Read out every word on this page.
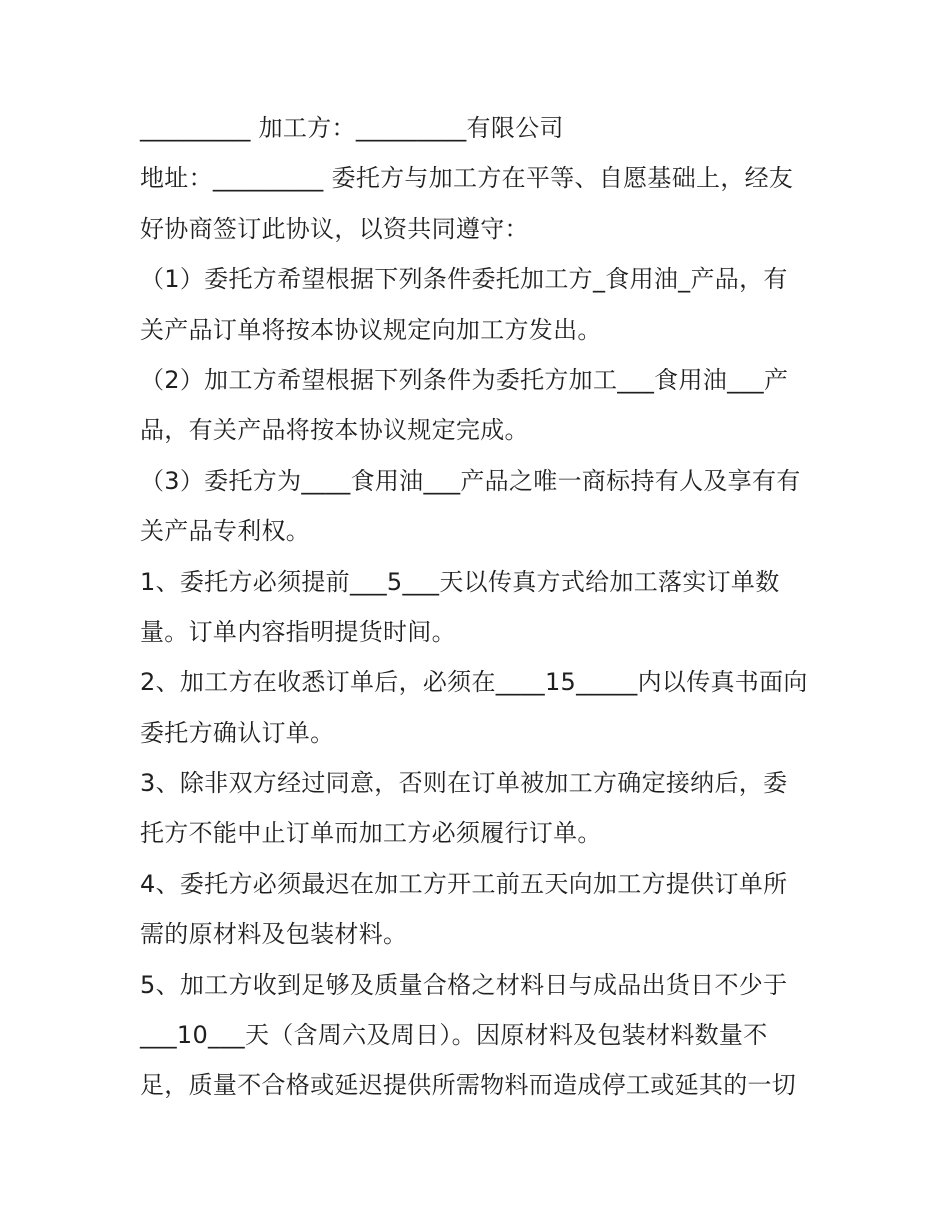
_________ 加工方：_________有限公司
地址：_________ 委托方与加工方在平等、自愿基础上，经友
好协商签订此协议，以资共同遵守：
（1）委托方希望根据下列条件委托加工方_食用油_产品，有
关产品订单将按本协议规定向加工方发出。
（2）加工方希望根据下列条件为委托方加工___食用油___产
品，有关产品将按本协议规定完成。
（3）委托方为____食用油___产品之唯一商标持有人及享有有
关产品专利权。
1、委托方必须提前___5___天以传真方式给加工落实订单数
量。订单内容指明提货时间。
2、加工方在收悉订单后，必须在____15_____内以传真书面向
委托方确认订单。
3、除非双方经过同意，否则在订单被加工方确定接纳后，委
托方不能中止订单而加工方必须履行订单。
4、委托方必须最迟在加工方开工前五天向加工方提供订单所
需的原材料及包装材料。
5、加工方收到足够及质量合格之材料日与成品出货日不少于
___10___天（含周六及周日）。因原材料及包装材料数量不
足，质量不合格或延迟提供所需物料而造成停工或延其的一切
